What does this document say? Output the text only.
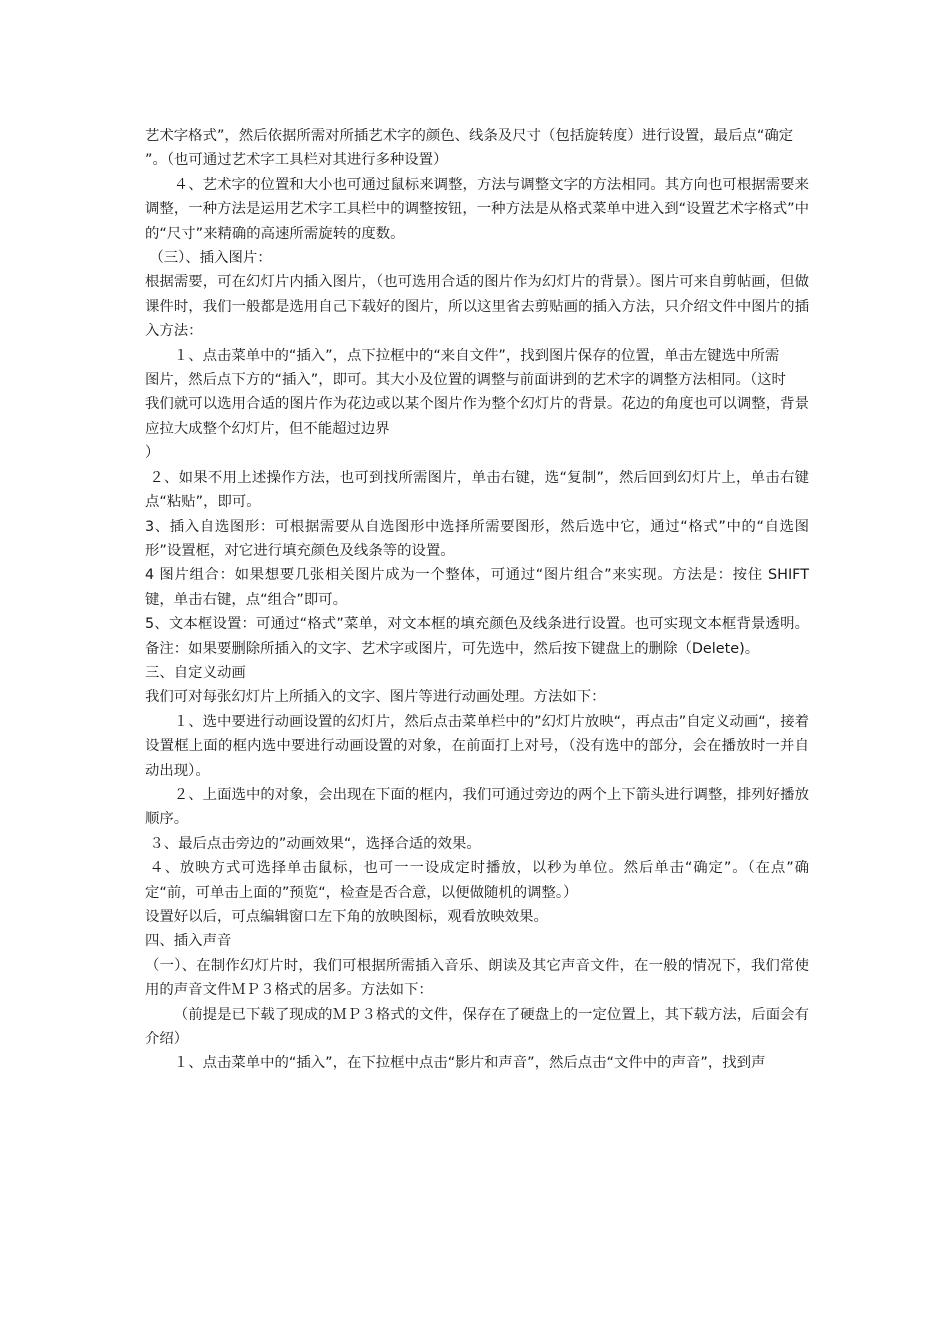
艺术字格式”，然后依据所需对所插艺术字的颜色、线条及尺寸（包括旋转度）进行设置，最后点“确定

”。（也可通过艺术字工具栏对其进行多种设置）

４、艺术字的位置和大小也可通过鼠标来调整，方法与调整文字的方法相同。其方向也可根据需要来调整，一种方法是运用艺术字工具栏中的调整按钮，一种方法是从格式菜单中进入到“设置艺术字格式”中的“尺寸”来精确的高速所需旋转的度数。

（三）、插入图片：

根据需要，可在幻灯片内插入图片，（也可选用合适的图片作为幻灯片的背景）。图片可来自剪帖画，但做课件时，我们一般都是选用自己下载好的图片，所以这里省去剪贴画的插入方法，只介绍文件中图片的插入方法：

１、点击菜单中的“插入”，点下拉框中的“来自文件”，找到图片保存的位置，单击左键选中所需

图片，然后点下方的“插入”，即可。其大小及位置的调整与前面讲到的艺术字的调整方法相同。（这时

我们就可以选用合适的图片作为花边或以某个图片作为整个幻灯片的背景。花边的角度也可以调整，背景应拉大成整个幻灯片，但不能超过边界

）

２、如果不用上述操作方法，也可到找所需图片，单击右键，选“复制”，然后回到幻灯片上，单击右键 点“粘贴”，即可。

3、插入自选图形：可根据需要从自选图形中选择所需要图形，然后选中它，通过“格式”中的“自选图形”设置框，对它进行填充颜色及线条等的设置。

4 图片组合：如果想要几张相关图片成为一个整体，可通过“图片组合”来实现。方法是：按住 SHIFT 键，单击右键，点“组合”即可。

5、文本框设置：可通过“格式”菜单，对文本框的填充颜色及线条进行设置。也可实现文本框背景透明。备注：如果要删除所插入的文字、艺术字或图片，可先选中，然后按下键盘上的删除（Delete)。

三、自定义动画

我们可对每张幻灯片上所插入的文字、图片等进行动画处理。方法如下：

１、选中要进行动画设置的幻灯片，然后点击菜单栏中的”幻灯片放映“，再点击”自定义动画“，接着设置框上面的框内选中要进行动画设置的对象，在前面打上对号，（没有选中的部分，会在播放时一并自动出现）。

２、上面选中的对象，会出现在下面的框内，我们可通过旁边的两个上下箭头进行调整，排列好播放顺序。

３、最后点击旁边的”动画效果“，选择合适的效果。

４、放映方式可选择单击鼠标，也可一一设成定时播放，以秒为单位。然后单击“确定”。（在点”确定“前，可单击上面的”预览“，检查是否合意，以便做随机的调整。）

设置好以后，可点编辑窗口左下角的放映图标，观看放映效果。

四、插入声音

（一）、在制作幻灯片时，我们可根据所需插入音乐、朗读及其它声音文件，在一般的情况下，我们常使用的声音文件ＭＰ３格式的居多。方法如下：

（前提是已下载了现成的ＭＰ３格式的文件，保存在了硬盘上的一定位置上，其下载方法，后面会有介绍）

１、点击菜单中的“插入”，在下拉框中点击“影片和声音”，然后点击“文件中的声音”，找到声
